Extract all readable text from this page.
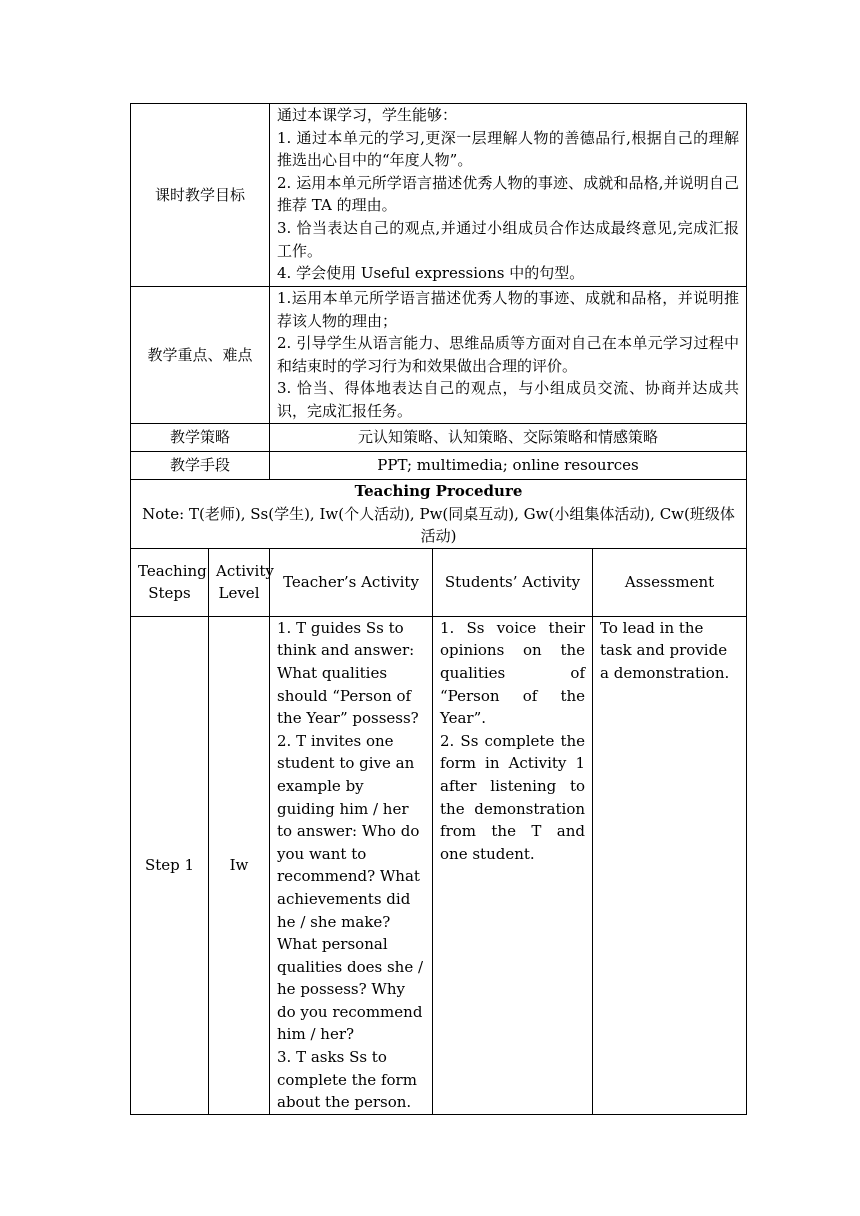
课时教学目标		通过本课学习，学生能够：
1. 通过本单元的学习,更深一层理解人物的善德品行,根据自己的理解推选出心目中的“年度人物”。
2. 运用本单元所学语言描述优秀人物的事迹、成就和品格,并说明自己推荐 TA 的理由。
3. 恰当表达自己的观点,并通过小组成员合作达成最终意见,完成汇报工作。
4. 学会使用 Useful expressions 中的句型。		

教学重点、难点		1.运用本单元所学语言描述优秀人物的事迹、成就和品格，并说明推荐该人物的理由；
2. 引导学生从语言能力、思维品质等方面对自己在本单元学习过程中和结束时的学习行为和效果做出合理的评价。
3. 恰当、得体地表达自己的观点，与小组成员交流、协商并达成共识，完成汇报任务。		

教学策略		元认知策略、认知策略、交际策略和情感策略		
教学手段		PPT; multimedia; online resources		

Teaching Procedure
Note: T(老师), Ss(学生), Iw(个人活动), Pw(同桌互动), Gw(小组集体活动), Cw(班级体活动)				

Teaching Steps	Activity Level	Teacher’s Activity	Students’ Activity	Assessment
Step 1	Iw	1. T guides Ss to think and answer: What qualities should “Person of the Year” possess?
2. T invites one student to give an example by guiding him / her to answer: Who do you want to recommend? What achievements did he / she make? What personal qualities does she / he possess? Why do you recommend him / her?
3. T asks Ss to complete the form about the person.	1. Ss voice their opinions on the qualities of “Person of the Year”.
2. Ss complete the form in Activity 1 after listening to the demonstration from the T and one student.	To lead in the task and provide a demonstration.
